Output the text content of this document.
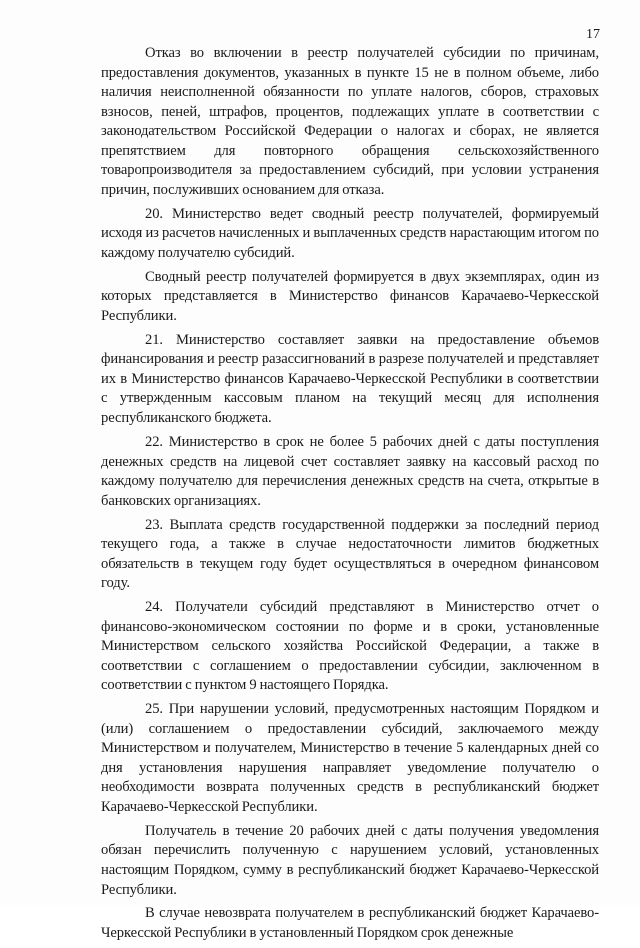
17

Отказ во включении в реестр получателей субсидии по причинам, предоставления документов, указанных в пункте 15 не в полном объеме, либо наличия неисполненной обязанности по уплате налогов, сборов, страховых взносов, пеней, штрафов, процентов, подлежащих уплате в соответствии с законодательством Российской Федерации о налогах и сборах, не является препятствием для повторного обращения сельскохозяйственного товаропроизводителя за предоставлением субсидий, при условии устранения причин, послуживших основанием для отказа.

20. Министерство ведет сводный реестр получателей, формируемый исходя из расчетов начисленных и выплаченных средств нарастающим итогом по каждому получателю субсидий.

Сводный реестр получателей формируется в двух экземплярах, один из которых представляется в Министерство финансов Карачаево-Черкесской Республики.

21. Министерство составляет заявки на предоставление объемов финансирования и реестр разассигнований в разрезе получателей и представляет их в Министерство финансов Карачаево-Черкесской Республики в соответствии с утвержденным кассовым планом на текущий месяц для исполнения республиканского бюджета.

22. Министерство в срок не более 5 рабочих дней с даты поступления денежных средств на лицевой счет составляет заявку на кассовый расход по каждому получателю для перечисления денежных средств на счета, открытые в банковских организациях.

23. Выплата средств государственной поддержки за последний период текущего года, а также в случае недостаточности лимитов бюджетных обязательств в текущем году будет осуществляться в очередном финансовом году.

24. Получатели субсидий представляют в Министерство отчет о финансово-экономическом состоянии по форме и в сроки, установленные Министерством сельского хозяйства Российской Федерации, а также в соответствии с соглашением о предоставлении субсидии, заключенном в соответствии с пунктом 9 настоящего Порядка.

25. При нарушении условий, предусмотренных настоящим Порядком и (или) соглашением о предоставлении субсидий, заключаемого между Министерством и получателем, Министерство в течение 5 календарных дней со дня установления нарушения направляет уведомление получателю о необходимости возврата полученных средств в республиканский бюджет Карачаево-Черкесской Республики.

Получатель в течение 20 рабочих дней с даты получения уведомления обязан перечислить полученную с нарушением условий, установленных настоящим Порядком, сумму в республиканский бюджет Карачаево-Черкесской Республики.

В случае невозврата получателем в республиканский бюджет Карачаево-Черкесской Республики в установленный Порядком срок денежные
